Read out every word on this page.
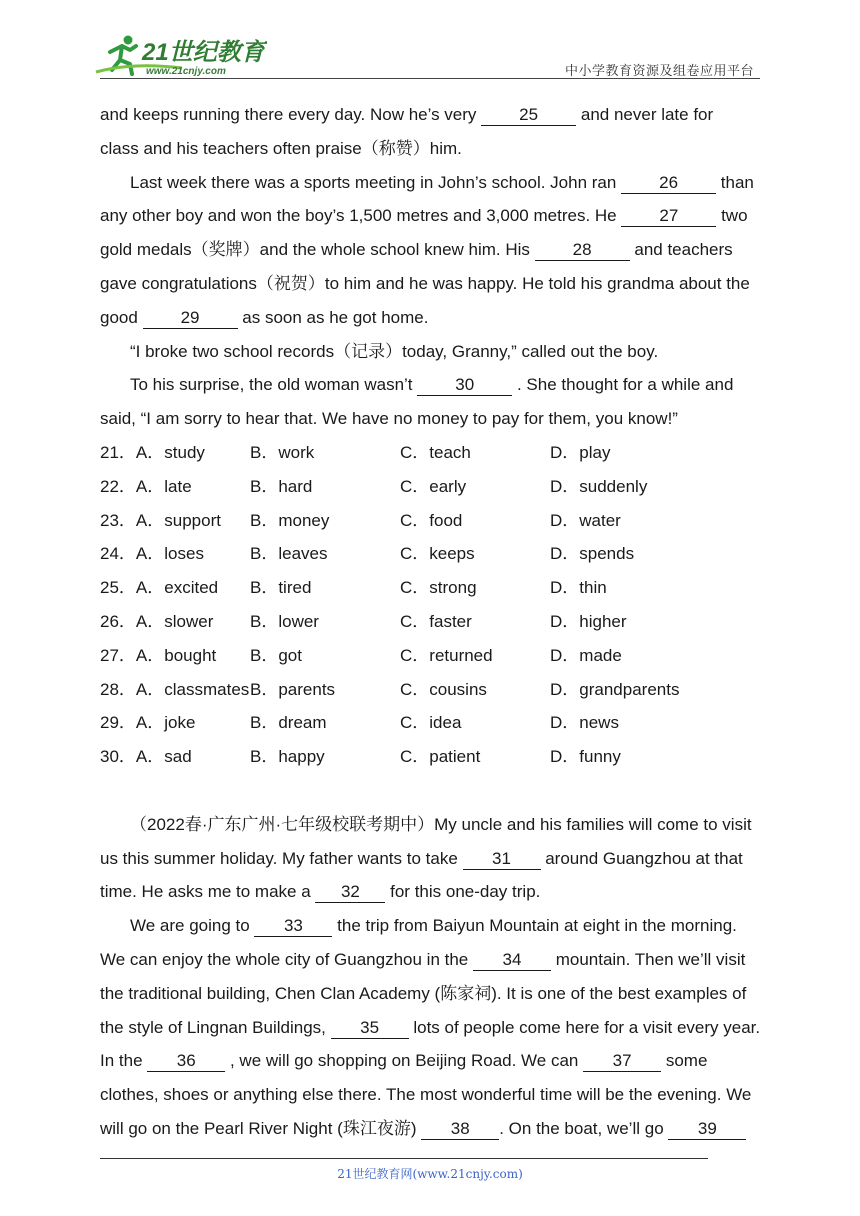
21世纪教育
www.21cnjy.com	中小学教育资源及组卷应用平台
and keeps running there every day. Now he’s very 25 and never late for
class and his teachers often praise（称赞）him.
Last week there was a sports meeting in John’s school. John ran 26 than
any other boy and won the boy’s 1,500 metres and 3,000 metres. He 27 two
gold medals（奖牌）and the whole school knew him. His 28 and teachers
gave congratulations（祝贺）to him and he was happy. He told his grandma about the
good 29 as soon as he got home.
“I broke two school records（记录）today, Granny,” called out the boy.
To his surprise, the old woman wasn’t 30 . She thought for a while and
said, “I am sorry to hear that. We have no money to pay for them, you know!”
21．A．study	B．work	C．teach	D．play
22．A．late	B．hard	C．early	D．suddenly
23．A．support	B．money	C．food	D．water
24．A．loses	B．leaves	C．keeps	D．spends
25．A．excited	B．tired	C．strong	D．thin
26．A．slower	B．lower	C．faster	D．higher
27．A．bought	B．got	C．returned	D．made
28．A．classmates B．parents	C．cousins	D．grandparents
29．A．joke	B．dream	C．idea	D．news
30．A．sad	B．happy	C．patient	D．funny
（2022春·广东广州·七年级校联考期中）My uncle and his families will come to visit
us this summer holiday. My father wants to take 31 around Guangzhou at that
time. He asks me to make a 32 for this one-day trip.
We are going to 33 the trip from Baiyun Mountain at eight in the morning.
We can enjoy the whole city of Guangzhou in the 34 mountain. Then we’ll visit
the traditional building, Chen Clan Academy (陈家祠). It is one of the best examples of
the style of Lingnan Buildings, 35 lots of people come here for a visit every year.
In the 36 , we will go shopping on Beijing Road. We can 37 some
clothes, shoes or anything else there. The most wonderful time will be the evening. We
will go on the Pearl River Night (珠江夜游) 38 . On the boat, we’ll go 39
21世纪教育网(www.21cnjy.com)
